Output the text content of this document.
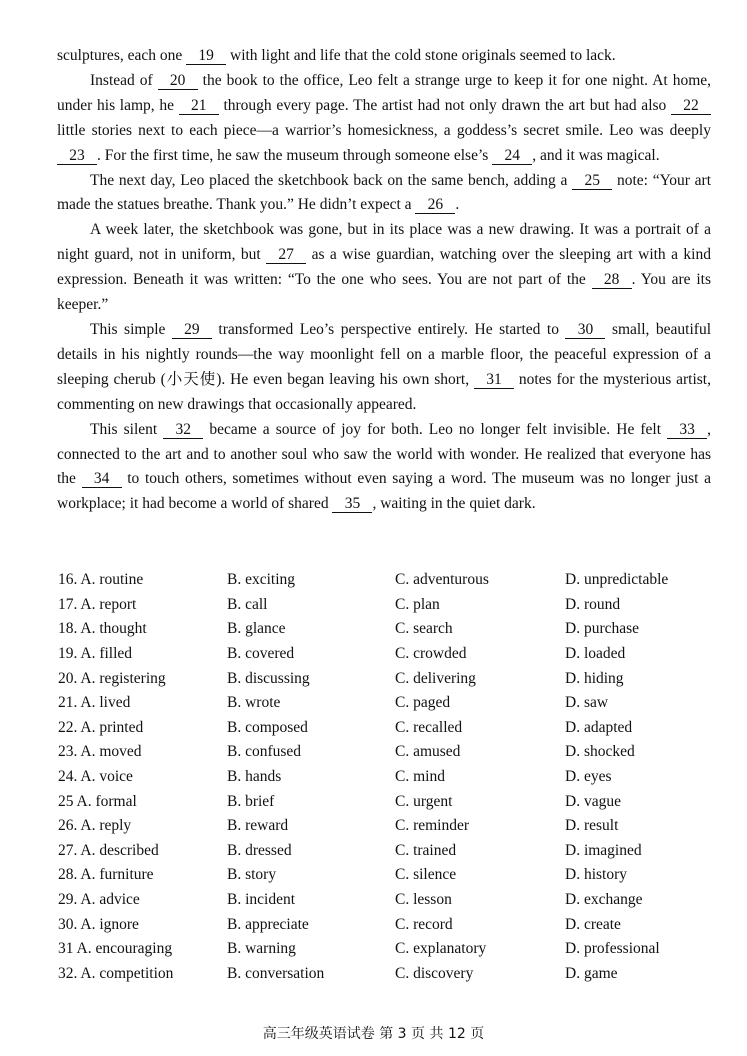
sculptures, each one 19 with light and life that the cold stone originals seemed to lack.

Instead of 20 the book to the office, Leo felt a strange urge to keep it for one night. At home, under his lamp, he 21 through every page. The artist had not only drawn the art but had also 22 little stories next to each piece—a warrior’s homesickness, a goddess’s secret smile. Leo was deeply 23 . For the first time, he saw the museum through someone else’s 24 , and it was magical.

The next day, Leo placed the sketchbook back on the same bench, adding a 25 note: “Your art made the statues breathe. Thank you.” He didn’t expect a 26 .

A week later, the sketchbook was gone, but in its place was a new drawing. It was a portrait of a night guard, not in uniform, but 27 as a wise guardian, watching over the sleeping art with a kind expression. Beneath it was written: “To the one who sees. You are not part of the 28 . You are its keeper.”

This simple 29 transformed Leo’s perspective entirely. He started to 30 small, beautiful details in his nightly rounds—the way moonlight fell on a marble floor, the peaceful expression of a sleeping cherub (小天使). He even began leaving his own short, 31 notes for the mysterious artist, commenting on new drawings that occasionally appeared.

This silent 32 became a source of joy for both. Leo no longer felt invisible. He felt 33 , connected to the art and to another soul who saw the world with wonder. He realized that everyone has the 34 to touch others, sometimes without even saying a word. The museum was no longer just a workplace; it had become a world of shared 35 , waiting in the quiet dark.

16. A. routine	B. exciting	C. adventurous	D. unpredictable
17. A. report	B. call	C. plan	D. round
18. A. thought	B. glance	C. search	D. purchase
19. A. filled	B. covered	C. crowded	D. loaded
20. A. registering	B. discussing	C. delivering	D. hiding
21. A. lived	B. wrote	C. paged	D. saw
22. A. printed	B. composed	C. recalled	D. adapted
23. A. moved	B. confused	C. amused	D. shocked
24. A. voice	B. hands	C. mind	D. eyes
25 A. formal	B. brief	C. urgent	D. vague
26. A. reply	B. reward	C. reminder	D. result
27. A. described	B. dressed	C. trained	D. imagined
28. A. furniture	B. story	C. silence	D. history
29. A. advice	B. incident	C. lesson	D. exchange
30. A. ignore	B. appreciate	C. record	D. create
31 A. encouraging	B. warning	C. explanatory	D. professional
32. A. competition	B. conversation	C. discovery	D. game
高三年级英语试卷 第 3 页 共 12 页
